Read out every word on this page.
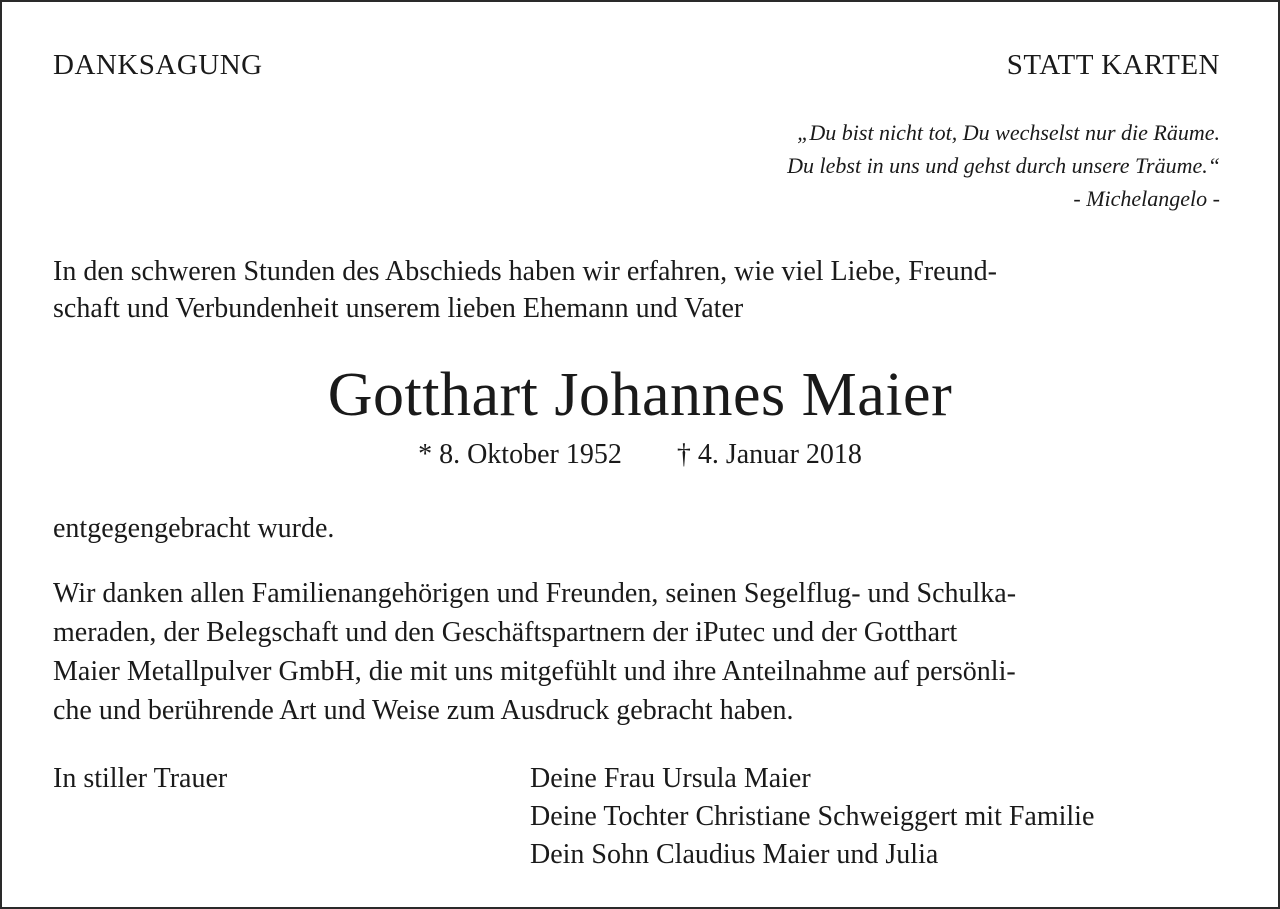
DANKSAGUNG	STATT KARTEN
„Du bist nicht tot, Du wechselst nur die Räume.
Du lebst in uns und gehst durch unsere Träume.“
- Michelangelo -
In den schweren Stunden des Abschieds haben wir erfahren, wie viel Liebe, Freund-
schaft und Verbundenheit unserem lieben Ehemann und Vater
Gotthart Johannes Maier
* 8. Oktober 1952 † 4. Januar 2018
entgegengebracht wurde.
Wir danken allen Familienangehörigen und Freunden, seinen Segelflug- und Schulka-
meraden, der Belegschaft und den Geschäftspartnern der iPutec und der Gotthart
Maier Metallpulver GmbH, die mit uns mitgefühlt und ihre Anteilnahme auf persönli-
che und berührende Art und Weise zum Ausdruck gebracht haben.
In stiller Trauer	Deine Frau Ursula Maier
Deine Tochter Christiane Schweiggert mit Familie
Dein Sohn Claudius Maier und Julia
